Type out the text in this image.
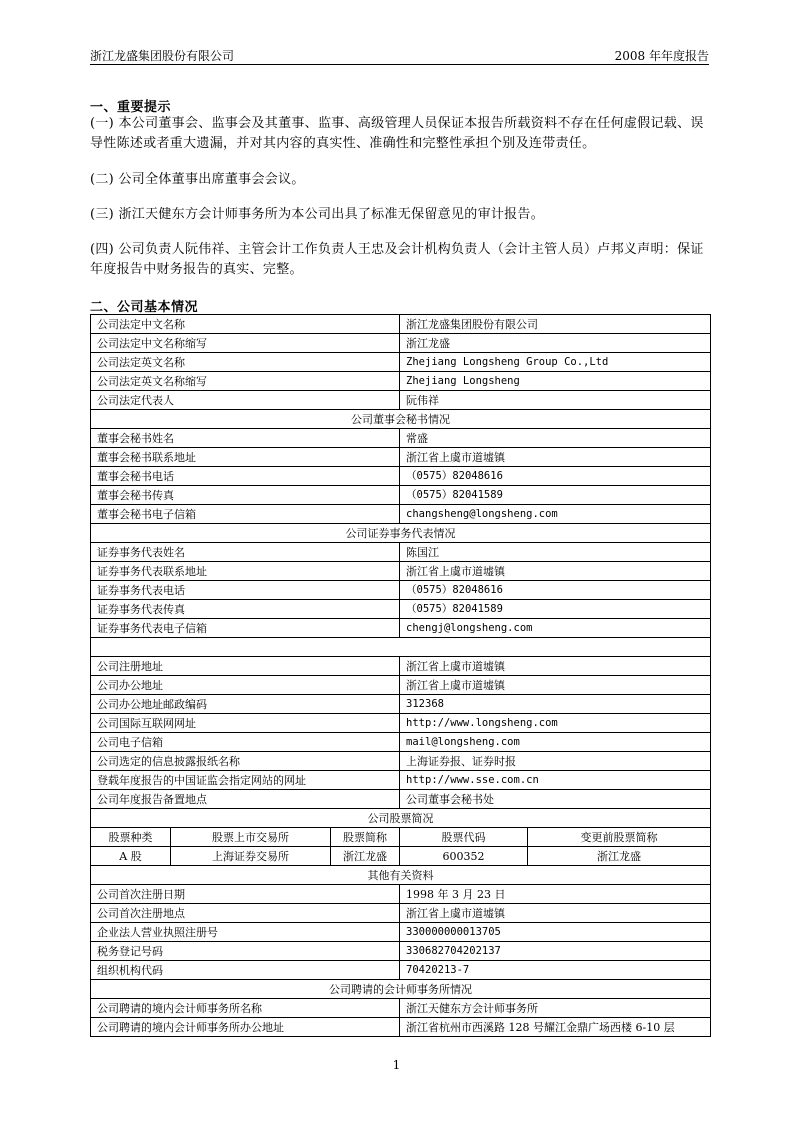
浙江龙盛集团股份有限公司	2008 年年度报告
一、重要提示
(一) 本公司董事会、监事会及其董事、监事、高级管理人员保证本报告所载资料不存在任何虚假记载、误导性陈述或者重大遗漏，并对其内容的真实性、准确性和完整性承担个别及连带责任。
(二) 公司全体董事出席董事会会议。
(三) 浙江天健东方会计师事务所为本公司出具了标准无保留意见的审计报告。
(四) 公司负责人阮伟祥、主管会计工作负责人王忠及会计机构负责人（会计主管人员）卢邦义声明：保证年度报告中财务报告的真实、完整。
二、公司基本情况
公司法定中文名称			浙江龙盛集团股份有限公司	
公司法定中文名称缩写			浙江龙盛	
公司法定英文名称			Zhejiang Longsheng Group Co.,Ltd	
公司法定英文名称缩写			Zhejiang Longsheng	
公司法定代表人			阮伟祥	
公司董事会秘书情况				
董事会秘书姓名			常盛	
董事会秘书联系地址			浙江省上虞市道墟镇	
董事会秘书电话			（0575）82048616	
董事会秘书传真			（0575）82041589	
董事会秘书电子信箱			changsheng@longsheng.com	
公司证券事务代表情况				
证券事务代表姓名			陈国江	
证券事务代表联系地址			浙江省上虞市道墟镇	
证券事务代表电话			（0575）82048616	
证券事务代表传真			（0575）82041589	
证券事务代表电子信箱			chengj@longsheng.com	

公司注册地址			浙江省上虞市道墟镇	
公司办公地址			浙江省上虞市道墟镇	
公司办公地址邮政编码			312368	
公司国际互联网网址			http://www.longsheng.com	
公司电子信箱			mail@longsheng.com	
公司选定的信息披露报纸名称			上海证券报、证券时报	
登载年度报告的中国证监会指定网站的网址			http://www.sse.com.cn	
公司年度报告备置地点			公司董事会秘书处	
公司股票简况				
股票种类	股票上市交易所	股票简称	股票代码	变更前股票简称
A 股	上海证券交易所	浙江龙盛	600352	浙江龙盛
其他有关资料				
公司首次注册日期			1998 年 3 月 23 日	
公司首次注册地点			浙江省上虞市道墟镇	
企业法人营业执照注册号			330000000013705	
税务登记号码			330682704202137	
组织机构代码			70420213-7	
公司聘请的会计师事务所情况				
公司聘请的境内会计师事务所名称			浙江天健东方会计师事务所	
公司聘请的境内会计师事务所办公地址			浙江省杭州市西溪路 128 号耀江金鼎广场西楼 6-10 层	
1
